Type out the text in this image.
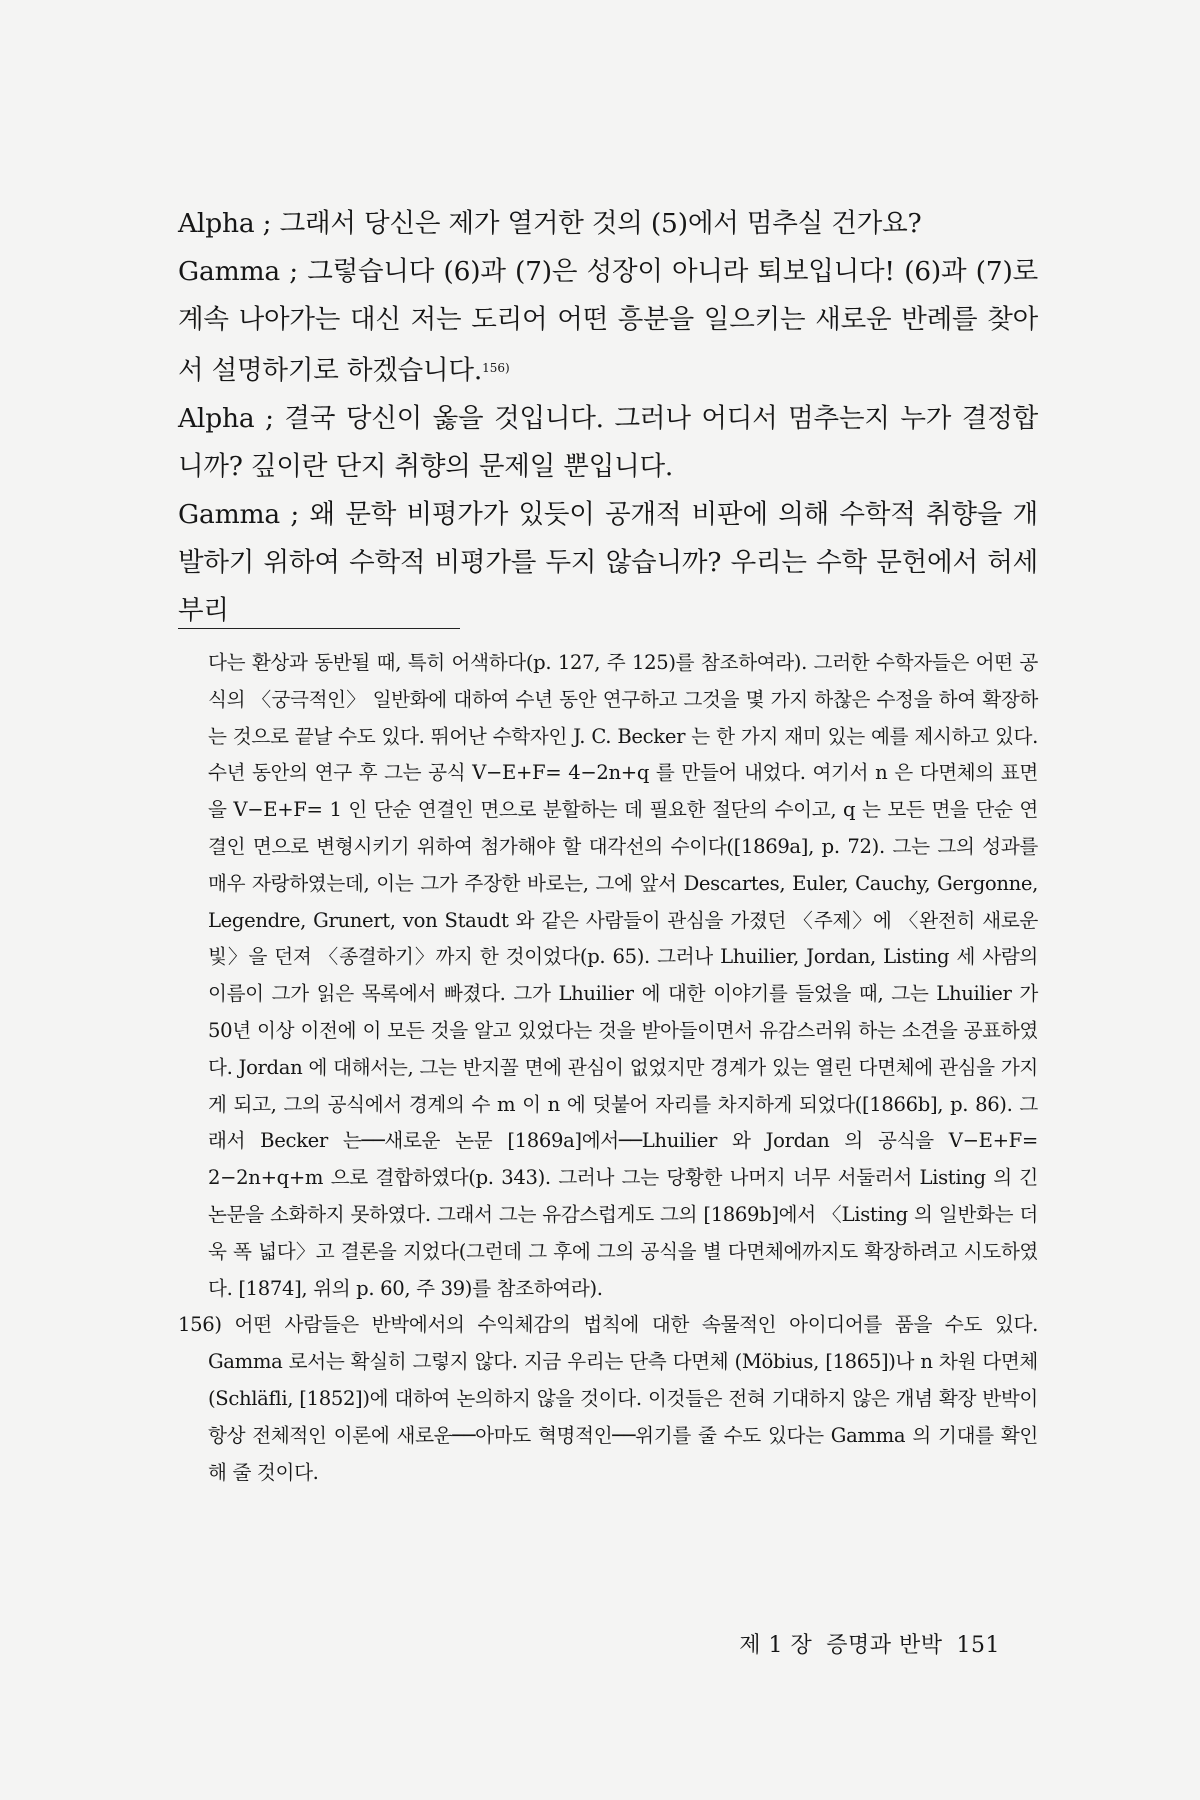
Alpha ; 그래서 당신은 제가 열거한 것의 (5)에서 멈추실 건가요?

Gamma ; 그렇습니다 (6)과 (7)은 성장이 아니라 퇴보입니다! (6)과 (7)로 계속 나아가는 대신 저는 도리어 어떤 흥분을 일으키는 새로운 반례를 찾아서 설명하기로 하겠습니다.$^{156)}$

Alpha ; 결국 당신이 옳을 것입니다. 그러나 어디서 멈추는지 누가 결정합니까? 깊이란 단지 취향의 문제일 뿐입니다.

Gamma ; 왜 문학 비평가가 있듯이 공개적 비판에 의해 수학적 취향을 개발하기 위하여 수학적 비평가를 두지 않습니까? 우리는 수학 문헌에서 허세부리

다는 환상과 동반될 때, 특히 어색하다(p. 127, 주 125)를 참조하여라). 그러한 수학자들은 어떤 공식의 〈궁극적인〉 일반화에 대하여 수년 동안 연구하고 그것을 몇 가지 하찮은 수정을 하여 확장하는 것으로 끝날 수도 있다. 뛰어난 수학자인 J. C. Becker 는 한 가지 재미 있는 예를 제시하고 있다. 수년 동안의 연구 후 그는 공식 V−E+F= 4−2n+q 를 만들어 내었다. 여기서 n 은 다면체의 표면을 V−E+F= 1 인 단순 연결인 면으로 분할하는 데 필요한 절단의 수이고, q 는 모든 면을 단순 연결인 면으로 변형시키기 위하여 첨가해야 할 대각선의 수이다([1869a], p. 72). 그는 그의 성과를 매우 자랑하였는데, 이는 그가 주장한 바로는, 그에 앞서 Descartes, Euler, Cauchy, Gergonne, Legendre, Grunert, von Staudt 와 같은 사람들이 관심을 가졌던 〈주제〉에 〈완전히 새로운 빛〉을 던져 〈종결하기〉까지 한 것이었다(p. 65). 그러나 Lhuilier, Jordan, Listing 세 사람의 이름이 그가 읽은 목록에서 빠졌다. 그가 Lhuilier 에 대한 이야기를 들었을 때, 그는 Lhuilier 가 50년 이상 이전에 이 모든 것을 알고 있었다는 것을 받아들이면서 유감스러워 하는 소견을 공표하였다. Jordan 에 대해서는, 그는 반지꼴 면에 관심이 없었지만 경계가 있는 열린 다면체에 관심을 가지게 되고, 그의 공식에서 경계의 수 m 이 n 에 덧붙어 자리를 차지하게 되었다([1866b], p. 86). 그래서 Becker 는──새로운 논문 [1869a]에서──Lhuilier 와 Jordan 의 공식을 V−E+F= 2−2n+q+m 으로 결합하였다(p. 343). 그러나 그는 당황한 나머지 너무 서둘러서 Listing 의 긴 논문을 소화하지 못하였다. 그래서 그는 유감스럽게도 그의 [1869b]에서 〈Listing 의 일반화는 더욱 폭 넓다〉고 결론을 지었다(그런데 그 후에 그의 공식을 별 다면체에까지도 확장하려고 시도하였다. [1874], 위의 p. 60, 주 39)를 참조하여라).

156) 어떤 사람들은 반박에서의 수익체감의 법칙에 대한 속물적인 아이디어를 품을 수도 있다. Gamma 로서는 확실히 그렇지 않다. 지금 우리는 단측 다면체 (Möbius, [1865])나 n 차원 다면체 (Schläfli, [1852])에 대하여 논의하지 않을 것이다. 이것들은 전혀 기대하지 않은 개념 확장 반박이 항상 전체적인 이론에 새로운──아마도 혁명적인──위기를 줄 수도 있다는 Gamma 의 기대를 확인해 줄 것이다.

제 1 장 증명과 반박 151
